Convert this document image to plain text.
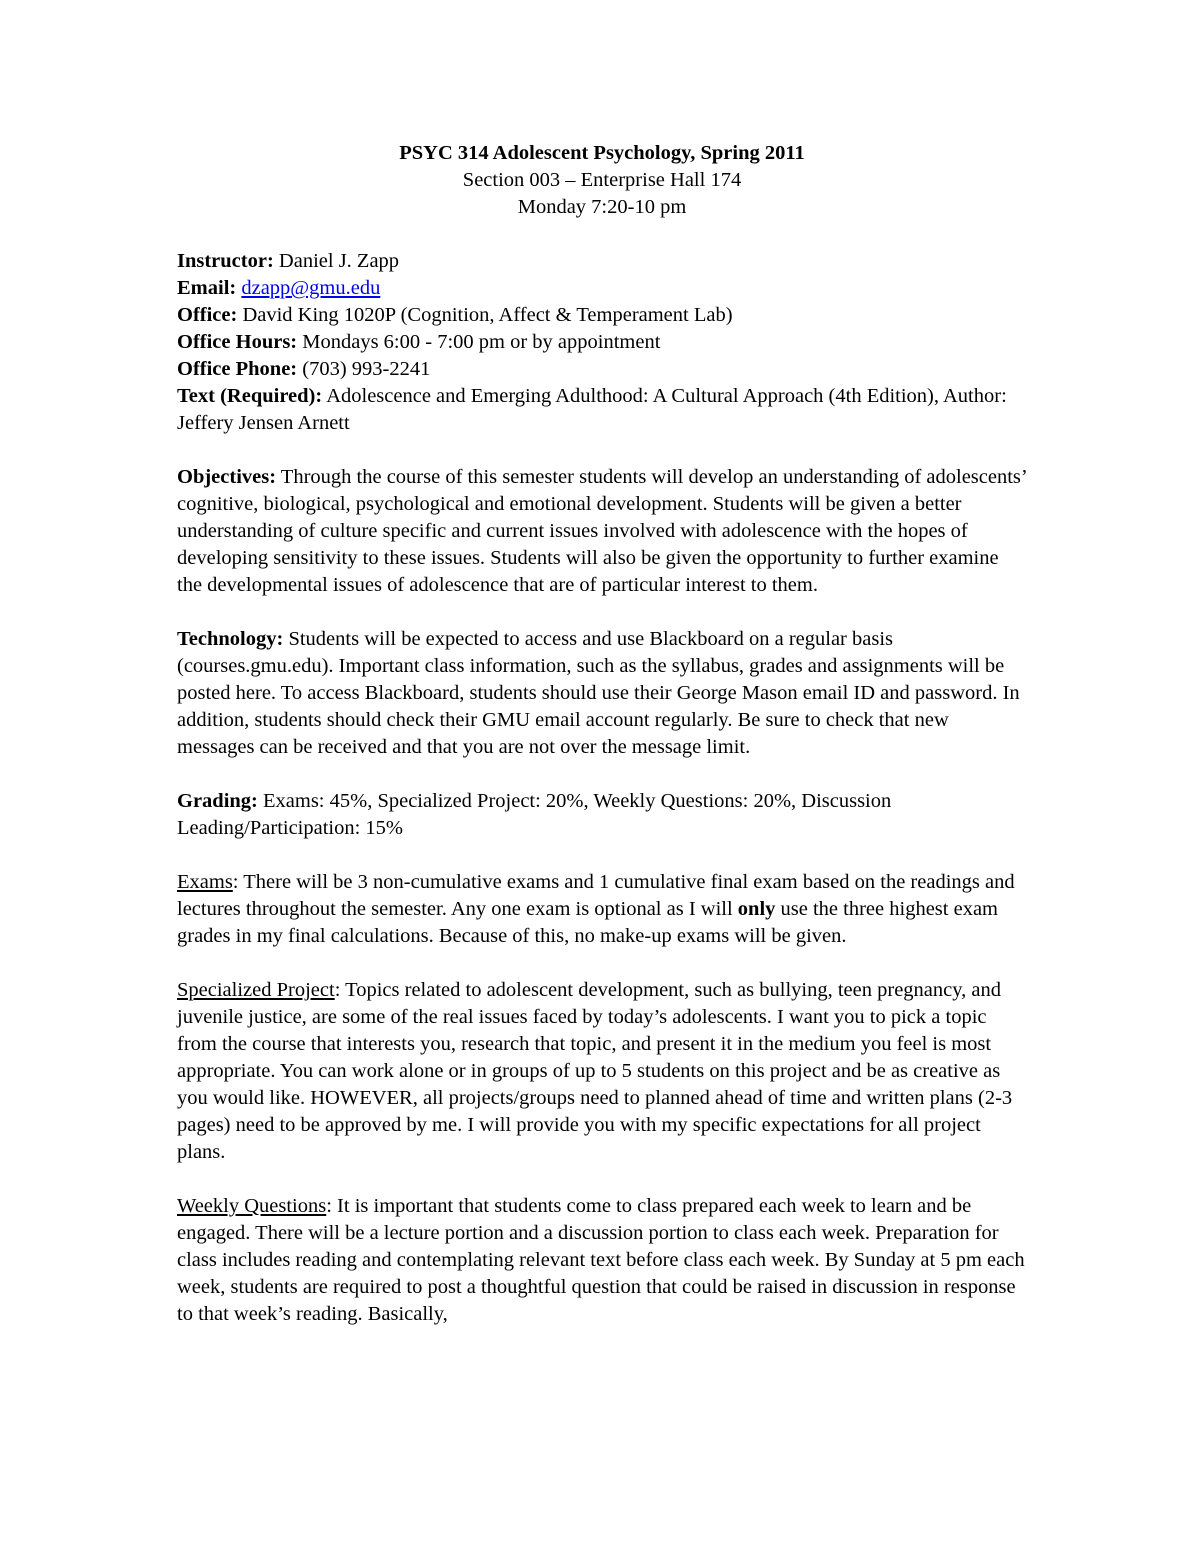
PSYC 314 Adolescent Psychology, Spring 2011
Section 003 – Enterprise Hall 174
Monday 7:20-10 pm
Instructor: Daniel J. Zapp
Email: dzapp@gmu.edu
Office: David King 1020P (Cognition, Affect & Temperament Lab)
Office Hours: Mondays 6:00 - 7:00 pm or by appointment
Office Phone: (703) 993-2241
Text (Required): Adolescence and Emerging Adulthood: A Cultural Approach (4th Edition), Author: Jeffery Jensen Arnett
Objectives: Through the course of this semester students will develop an understanding of adolescents’ cognitive, biological, psychological and emotional development. Students will be given a better understanding of culture specific and current issues involved with adolescence with the hopes of developing sensitivity to these issues. Students will also be given the opportunity to further examine the developmental issues of adolescence that are of particular interest to them.
Technology: Students will be expected to access and use Blackboard on a regular basis (courses.gmu.edu). Important class information, such as the syllabus, grades and assignments will be posted here. To access Blackboard, students should use their George Mason email ID and password. In addition, students should check their GMU email account regularly. Be sure to check that new messages can be received and that you are not over the message limit.
Grading: Exams: 45%, Specialized Project: 20%, Weekly Questions: 20%, Discussion Leading/Participation: 15%
Exams: There will be 3 non-cumulative exams and 1 cumulative final exam based on the readings and lectures throughout the semester. Any one exam is optional as I will only use the three highest exam grades in my final calculations. Because of this, no make-up exams will be given.
Specialized Project: Topics related to adolescent development, such as bullying, teen pregnancy, and juvenile justice, are some of the real issues faced by today’s adolescents. I want you to pick a topic from the course that interests you, research that topic, and present it in the medium you feel is most appropriate. You can work alone or in groups of up to 5 students on this project and be as creative as you would like. HOWEVER, all projects/groups need to planned ahead of time and written plans (2-3 pages) need to be approved by me. I will provide you with my specific expectations for all project plans.
Weekly Questions: It is important that students come to class prepared each week to learn and be engaged. There will be a lecture portion and a discussion portion to class each week. Preparation for class includes reading and contemplating relevant text before class each week. By Sunday at 5 pm each week, students are required to post a thoughtful question that could be raised in discussion in response to that week’s reading. Basically,
